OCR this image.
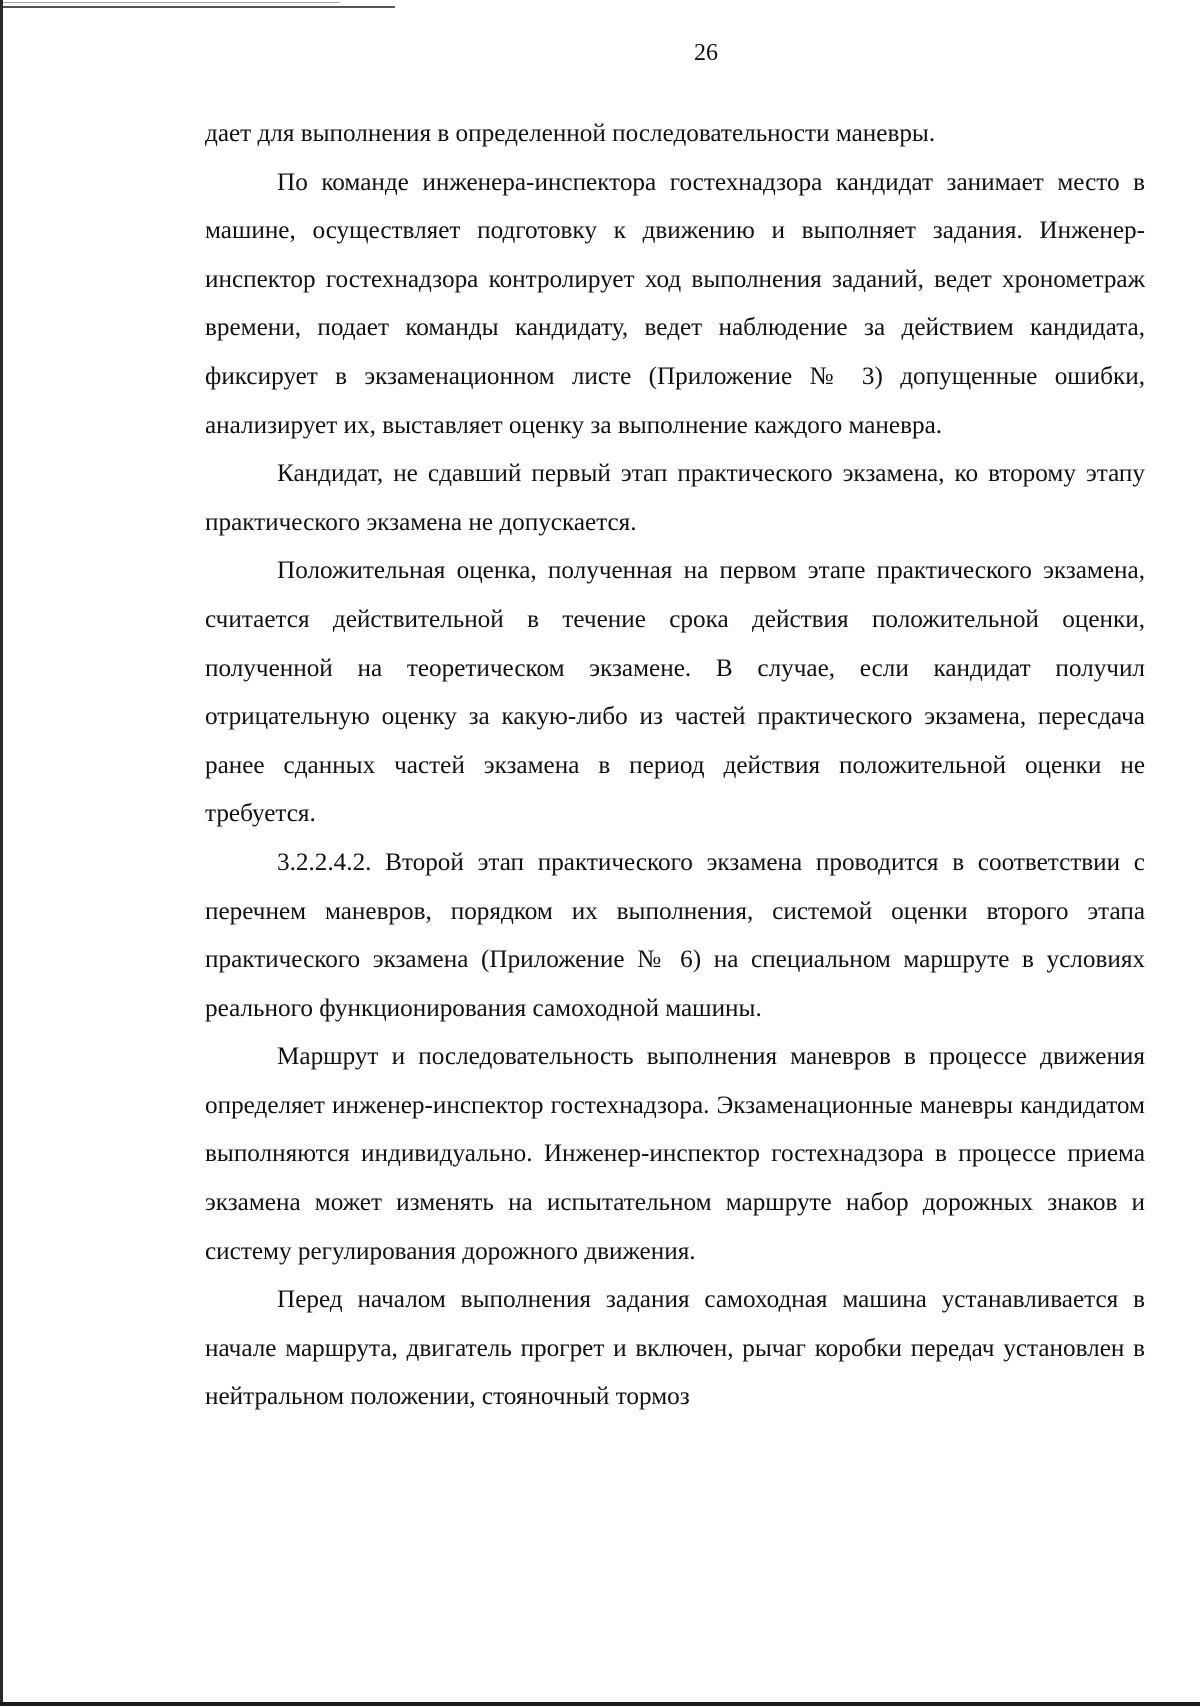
26

дает для выполнения в определенной последовательности маневры.

По команде инженера-инспектора гостехнадзора кандидат занимает место в машине, осуществляет подготовку к движению и выполняет задания. Инженер-инспектор гостехнадзора контролирует ход выполнения заданий, ведет хронометраж времени, подает команды кандидату, ведет наблюдение за действием кандидата, фиксирует в экзаменационном листе (Приложение № 3) допущенные ошибки, анализирует их, выставляет оценку за выполнение каждого маневра.

Кандидат, не сдавший первый этап практического экзамена, ко второму этапу практического экзамена не допускается.

Положительная оценка, полученная на первом этапе практического экзамена, считается действительной в течение срока действия положительной оценки, полученной на теоретическом экзамене. В случае, если кандидат получил отрицательную оценку за какую-либо из частей практического экзамена, пересдача ранее сданных частей экзамена в период действия положительной оценки не требуется.

3.2.2.4.2. Второй этап практического экзамена проводится в соответствии с перечнем маневров, порядком их выполнения, системой оценки второго этапа практического экзамена (Приложение № 6) на специальном маршруте в условиях реального функционирования самоходной машины.

Маршрут и последовательность выполнения маневров в процессе движения определяет инженер-инспектор гостехнадзора. Экзаменационные маневры кандидатом выполняются индивидуально. Инженер-инспектор гостехнадзора в процессе приема экзамена может изменять на испытательном маршруте набор дорожных знаков и систему регулирования дорожного движения.

Перед началом выполнения задания самоходная машина устанавливается в начале маршрута, двигатель прогрет и включен, рычаг коробки передач установлен в нейтральном положении, стояночный тормоз
